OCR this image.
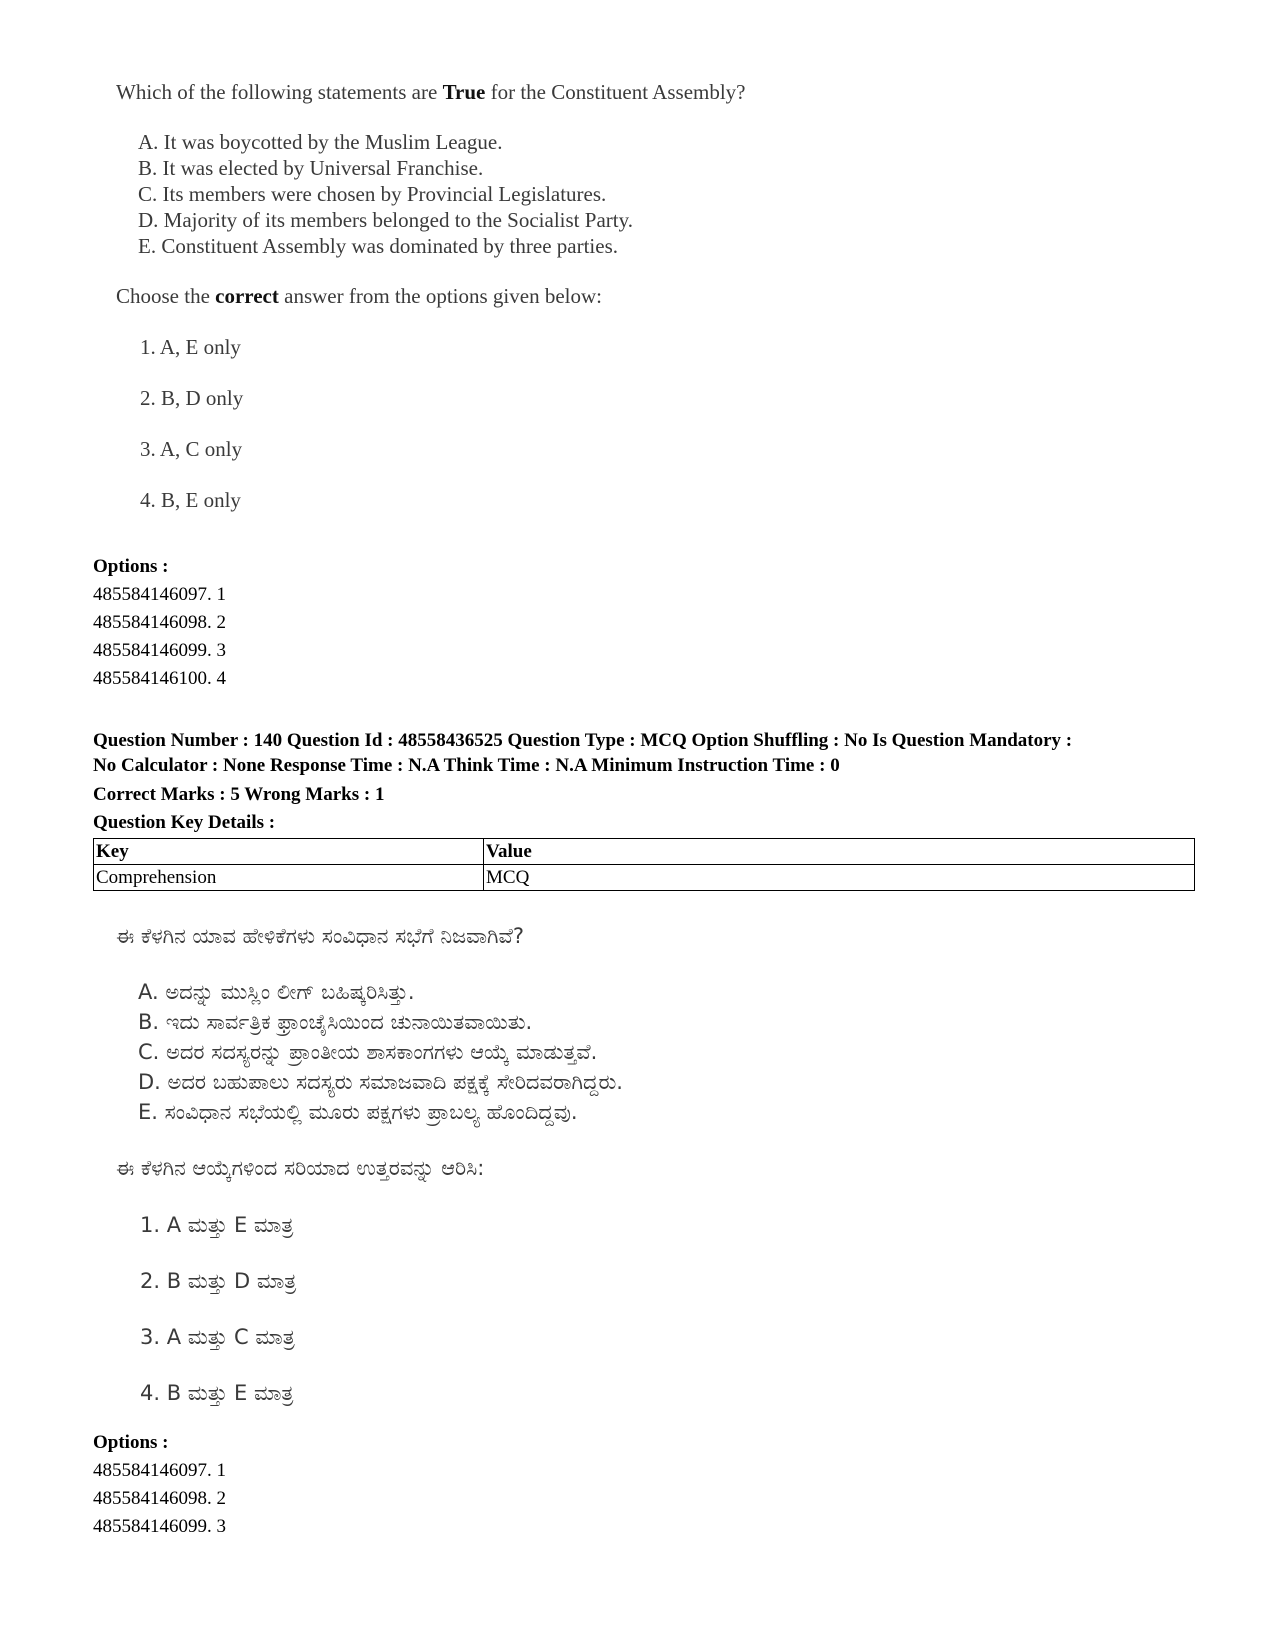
Which of the following statements are True for the Constituent Assembly?
A. It was boycotted by the Muslim League.
B. It was elected by Universal Franchise.
C. Its members were chosen by Provincial Legislatures.
D. Majority of its members belonged to the Socialist Party.
E. Constituent Assembly was dominated by three parties.
Choose the correct answer from the options given below:
1. A, E only
2. B, D only
3. A, C only
4. B, E only
Options :
485584146097. 1
485584146098. 2
485584146099. 3
485584146100. 4
Question Number : 140 Question Id : 48558436525 Question Type : MCQ Option Shuffling : No Is Question Mandatory :
No Calculator : None Response Time : N.A Think Time : N.A Minimum Instruction Time : 0
Correct Marks : 5 Wrong Marks : 1
Question Key Details :
Key	Value
Comprehension	MCQ
ಈ ಕೆಳಗಿನ ಯಾವ ಹೇಳಿಕೆಗಳು ಸಂವಿಧಾನ ಸಭೆಗೆ ನಿಜವಾಗಿವೆ?
A. ಅದನ್ನು ಮುಸ್ಲಿಂ ಲೀಗ್ ಬಹಿಷ್ಕರಿಸಿತ್ತು.
B. ಇದು ಸಾರ್ವತ್ರಿಕ ಫ್ರಾಂಚೈಸಿಯಿಂದ ಚುನಾಯಿತವಾಯಿತು.
C. ಅದರ ಸದಸ್ಯರನ್ನು ಪ್ರಾಂತೀಯ ಶಾಸಕಾಂಗಗಳು ಆಯ್ಕೆ ಮಾಡುತ್ತವೆ.
D. ಅದರ ಬಹುಪಾಲು ಸದಸ್ಯರು ಸಮಾಜವಾದಿ ಪಕ್ಷಕ್ಕೆ ಸೇರಿದವರಾಗಿದ್ದರು.
E. ಸಂವಿಧಾನ ಸಭೆಯಲ್ಲಿ ಮೂರು ಪಕ್ಷಗಳು ಪ್ರಾಬಲ್ಯ ಹೊಂದಿದ್ದವು.
ಈ ಕೆಳಗಿನ ಆಯ್ಕೆಗಳಿಂದ ಸರಿಯಾದ ಉತ್ತರವನ್ನು ಆರಿಸಿ:
1. A ಮತ್ತು E ಮಾತ್ರ
2. B ಮತ್ತು D ಮಾತ್ರ
3. A ಮತ್ತು C ಮಾತ್ರ
4. B ಮತ್ತು E ಮಾತ್ರ
Options :
485584146097. 1
485584146098. 2
485584146099. 3
